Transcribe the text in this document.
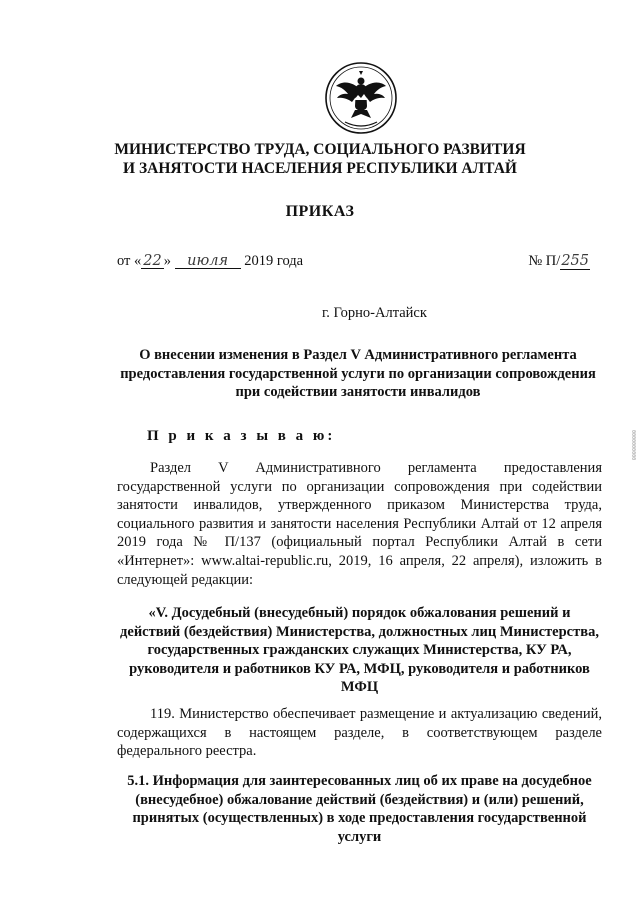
МИНИСТЕРСТВО ТРУДА, СОЦИАЛЬНОГО РАЗВИТИЯ
И ЗАНЯТОСТИ НАСЕЛЕНИЯ РЕСПУБЛИКИ АЛТАЙ
ПРИКАЗ
от « 22 » июля 2019 года	№ П/255
г. Горно-Алтайск
О внесении изменения в Раздел V Административного регламента предоставления государственной услуги по организации сопровождения при содействии занятости инвалидов
П р и к а з ы в а ю:
Раздел V Административного регламента предоставления государственной услуги по организации сопровождения при содействии занятости инвалидов, утвержденного приказом Министерства труда, социального развития и занятости населения Республики Алтай от 12 апреля 2019 года № П/137 (официальный портал Республики Алтай в сети «Интернет»: www.altai-republic.ru, 2019, 16 апреля, 22 апреля), изложить в следующей редакции:
«V. Досудебный (внесудебный) порядок обжалования решений и действий (бездействия) Министерства, должностных лиц Министерства, государственных гражданских служащих Министерства, КУ РА, руководителя и работников КУ РА, МФЦ, руководителя и работников МФЦ
119. Министерство обеспечивает размещение и актуализацию сведений, содержащихся в настоящем разделе, в соответствующем разделе федерального реестра.
5.1. Информация для заинтересованных лиц об их праве на досудебное (внесудебное) обжалование действий (бездействия) и (или) решений, принятых (осуществленных) в ходе предоставления государственной услуги
0000000000
